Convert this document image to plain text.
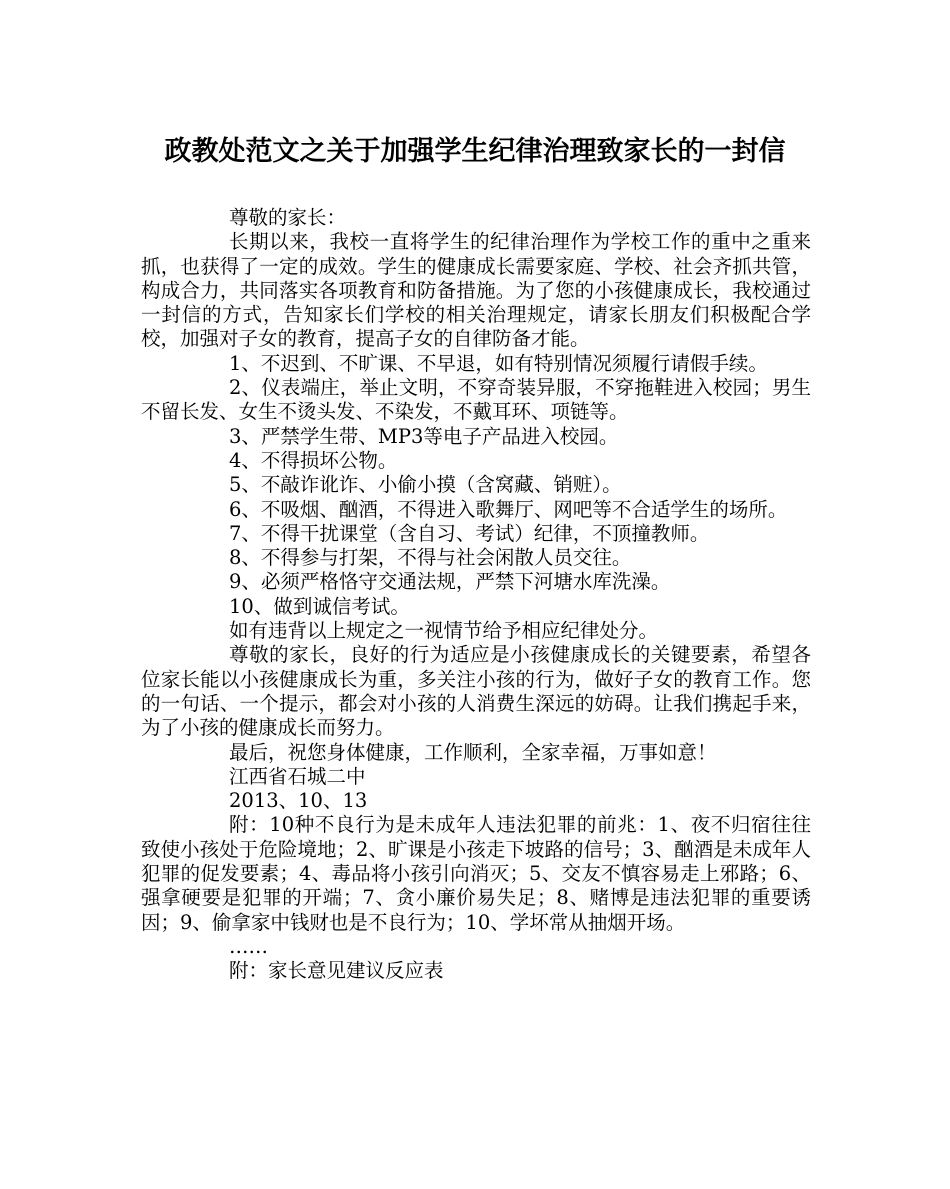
政教处范文之关于加强学生纪律治理致家长的一封信

尊敬的家长：

长期以来，我校一直将学生的纪律治理作为学校工作的重中之重来抓，也获得了一定的成效。学生的健康成长需要家庭、学校、社会齐抓共管，构成合力，共同落实各项教育和防备措施。为了您的小孩健康成长，我校通过一封信的方式，告知家长们学校的相关治理规定，请家长朋友们积极配合学校，加强对子女的教育，提高子女的自律防备才能。

1、不迟到、不旷课、不早退，如有特别情况须履行请假手续。

2、仪表端庄，举止文明，不穿奇装异服，不穿拖鞋进入校园；男生不留长发、女生不烫头发、不染发，不戴耳环、项链等。

3、严禁学生带、MP3等电子产品进入校园。

4、不得损坏公物。

5、不敲诈讹诈、小偷小摸（含窝藏、销赃）。

6、不吸烟、酗酒，不得进入歌舞厅、网吧等不合适学生的场所。

7、不得干扰课堂（含自习、考试）纪律，不顶撞教师。

8、不得参与打架，不得与社会闲散人员交往。

9、必须严格恪守交通法规，严禁下河塘水库洗澡。

10、做到诚信考试。

如有违背以上规定之一视情节给予相应纪律处分。

尊敬的家长，良好的行为适应是小孩健康成长的关键要素，希望各位家长能以小孩健康成长为重，多关注小孩的行为，做好子女的教育工作。您的一句话、一个提示，都会对小孩的人消费生深远的妨碍。让我们携起手来，为了小孩的健康成长而努力。

最后，祝您身体健康，工作顺利，全家幸福，万事如意！

江西省石城二中

2013、10、13

附：10种不良行为是未成年人违法犯罪的前兆：1、夜不归宿往往致使小孩处于危险境地；2、旷课是小孩走下坡路的信号；3、酗酒是未成年人犯罪的促发要素；4、毒品将小孩引向消灭；5、交友不慎容易走上邪路；6、强拿硬要是犯罪的开端；7、贪小廉价易失足；8、赌博是违法犯罪的重要诱因；9、偷拿家中钱财也是不良行为；10、学坏常从抽烟开场。

……

附：家长意见建议反应表
